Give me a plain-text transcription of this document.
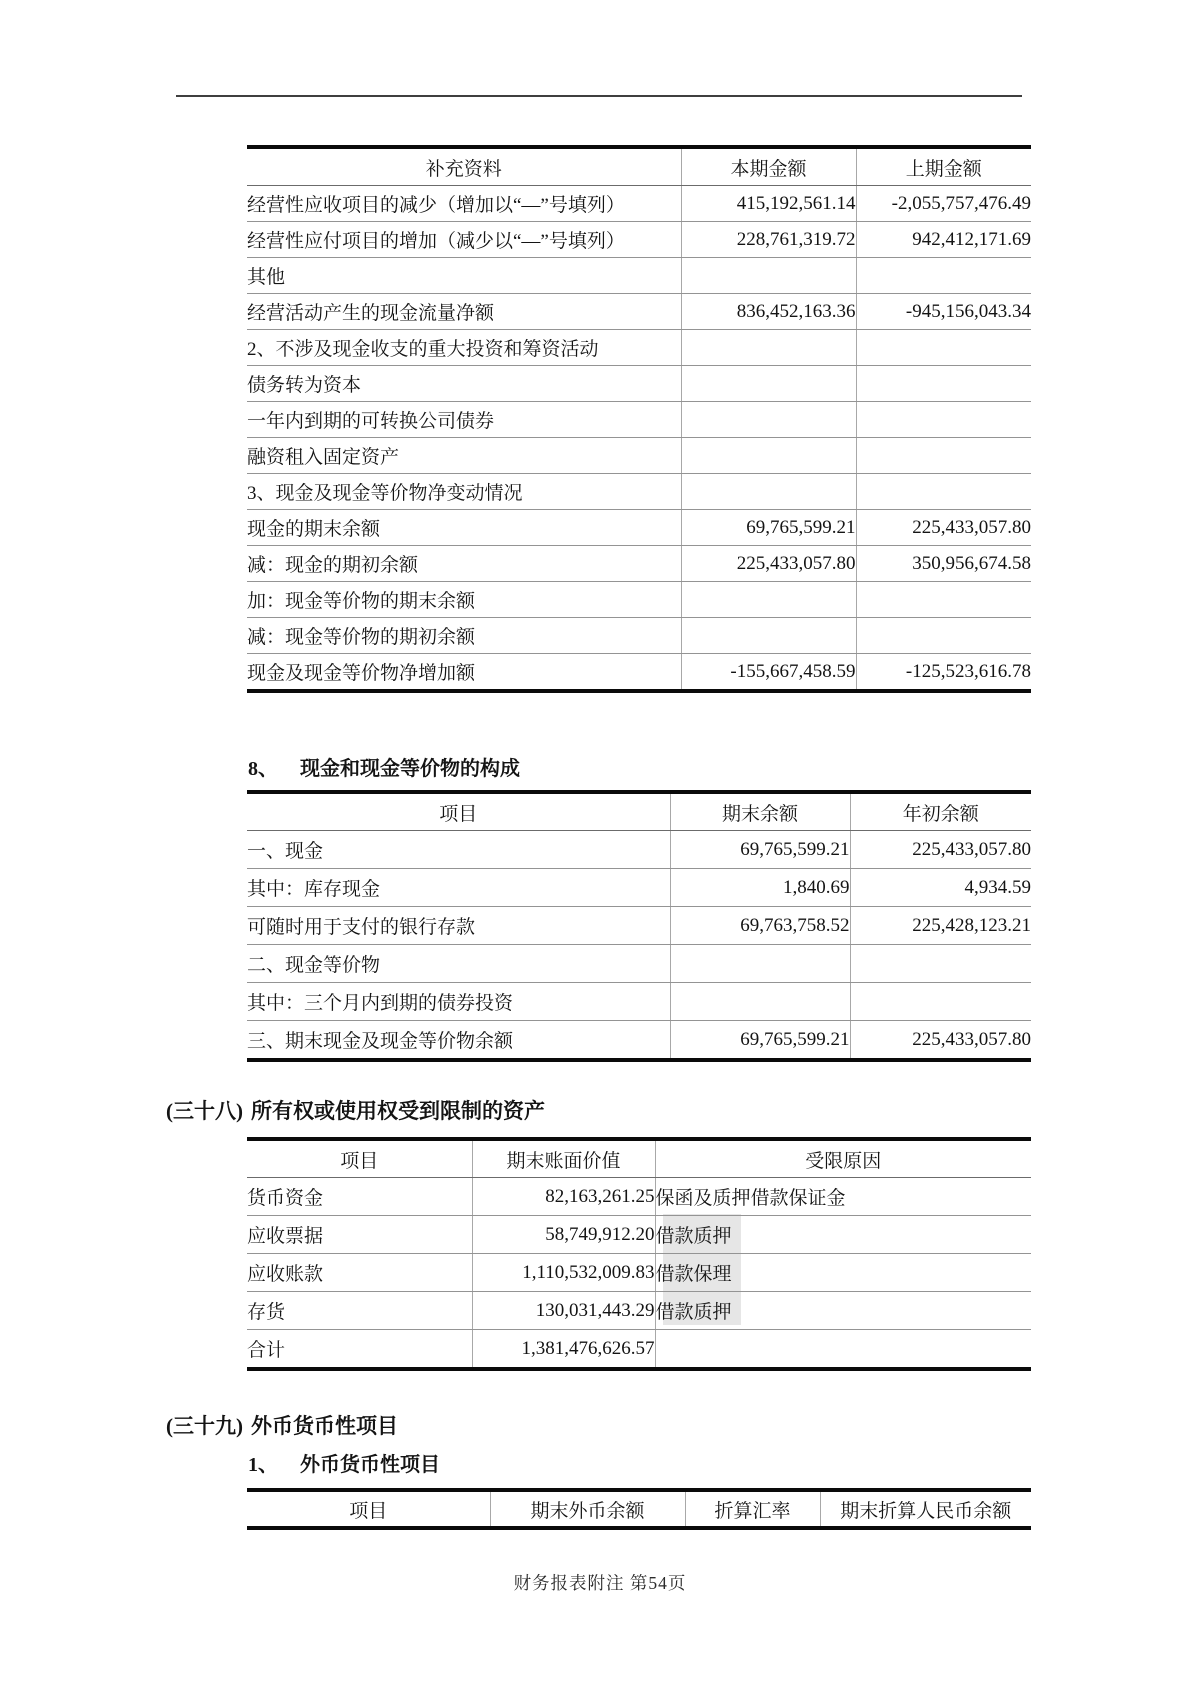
补充资料	本期金额	上期金额
经营性应收项目的减少（增加以“—”号填列）	415,192,561.14	-2,055,757,476.49
经营性应付项目的增加（减少以“—”号填列）	228,761,319.72	942,412,171.69
其他		
经营活动产生的现金流量净额	836,452,163.36	-945,156,043.34
2、不涉及现金收支的重大投资和筹资活动		
债务转为资本		
一年内到期的可转换公司债券		
融资租入固定资产		
3、现金及现金等价物净变动情况		
现金的期末余额	69,765,599.21	225,433,057.80
减：现金的期初余额	225,433,057.80	350,956,674.58
加：现金等价物的期末余额		
减：现金等价物的期初余额		
现金及现金等价物净增加额	-155,667,458.59	-125,523,616.78
8、 现金和现金等价物的构成
项目	期末余额	年初余额
一、现金	69,765,599.21	225,433,057.80
其中：库存现金	1,840.69	4,934.59
可随时用于支付的银行存款	69,763,758.52	225,428,123.21
二、现金等价物		
其中：三个月内到期的债券投资		
三、期末现金及现金等价物余额	69,765,599.21	225,433,057.80
(三十八) 所有权或使用权受到限制的资产
项目	期末账面价值	受限原因
货币资金	82,163,261.25	保函及质押借款保证金
应收票据	58,749,912.20	借款质押
应收账款	1,110,532,009.83	借款保理
存货	130,031,443.29	借款质押
合计	1,381,476,626.57	
(三十九) 外币货币性项目
1、 外币货币性项目
项目	期末外币余额	折算汇率	期末折算人民币余额
财务报表附注 第54页
